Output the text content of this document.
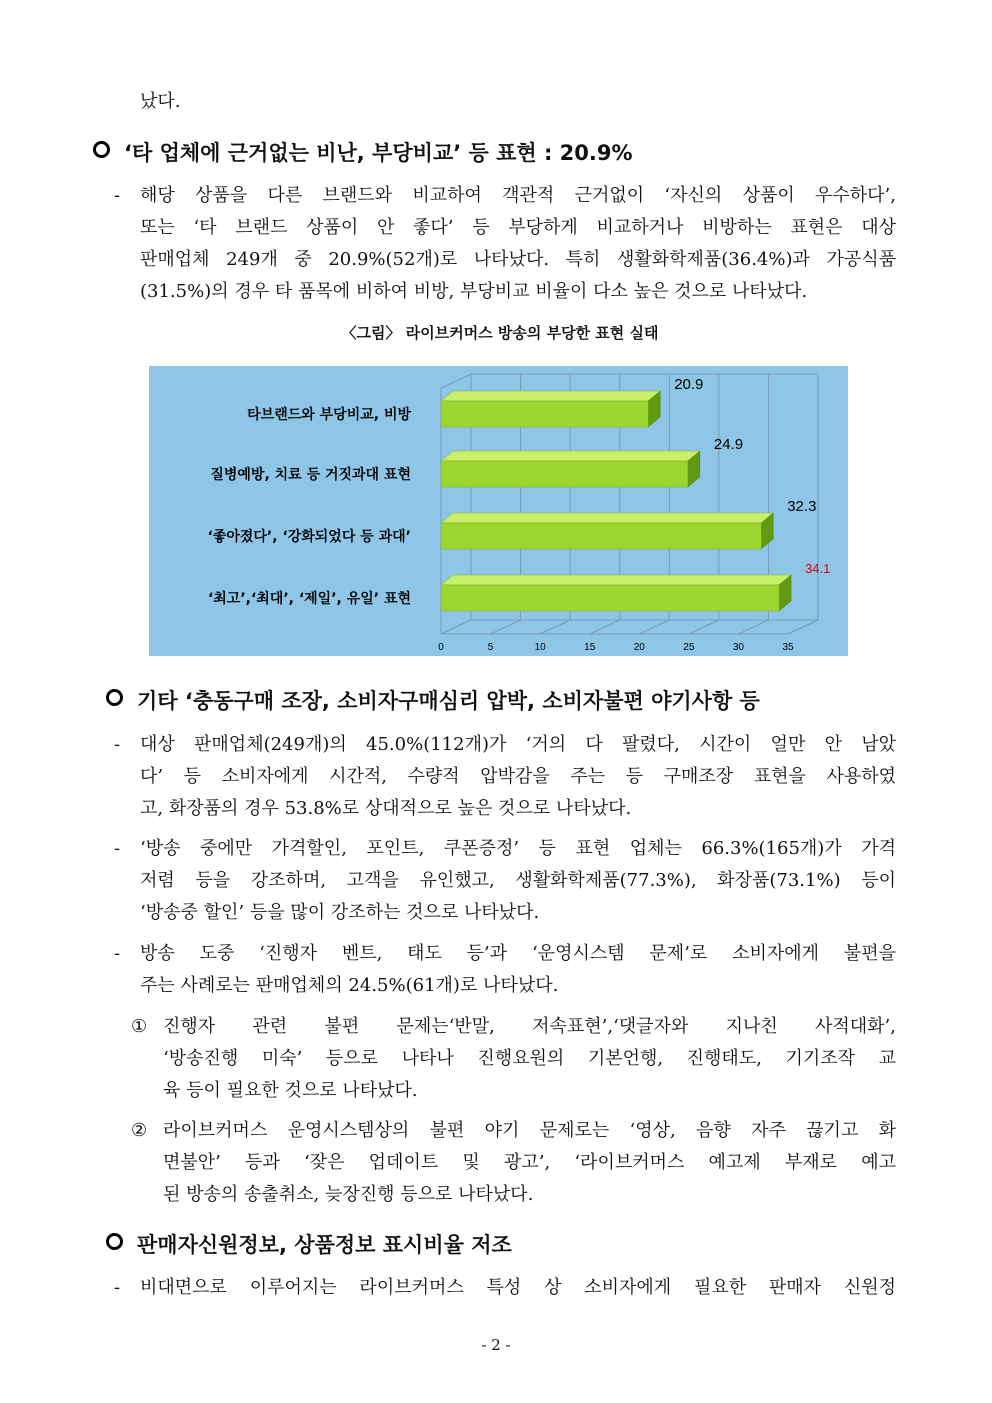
났다.
‘타 업체에 근거없는 비난, 부당비교’ 등 표현 : 20.9%
- 해당 상품을 다른 브랜드와 비교하여 객관적 근거없이 ‘자신의 상품이 우수하다’,
또는 ‘타 브랜드 상품이 안 좋다’ 등 부당하게 비교하거나 비방하는 표현은 대상
판매업체 249개 중 20.9%(52개)로 나타났다. 특히 생활화학제품(36.4%)과 가공식품
(31.5%)의 경우 타 품목에 비하여 비방, 부당비교 비율이 다소 높은 것으로 나타났다.
〈그림〉 라이브커머스 방송의 부당한 표현 실태
0	5	10	15	20	25	30	35
20.9
타브랜드와 부당비교, 비방
24.9
질병예방, 치료 등 거짓과대 표현
32.3
‘좋아졌다’, ‘강화되었다 등 과대’
34.1
‘최고’,‘최대’, ‘제일’, 유일’ 표현
기타 ‘충동구매 조장, 소비자구매심리 압박, 소비자불편 야기사항 등
- 대상 판매업체(249개)의 45.0%(112개)가 ‘거의 다 팔렸다, 시간이 얼만 안 남았
다’ 등 소비자에게 시간적, 수량적 압박감을 주는 등 구매조장 표현을 사용하였
고, 화장품의 경우 53.8%로 상대적으로 높은 것으로 나타났다.
- ‘방송 중에만 가격할인, 포인트, 쿠폰증정’ 등 표현 업체는 66.3%(165개)가 가격
저렴 등을 강조하며, 고객을 유인했고, 생활화학제품(77.3%), 화장품(73.1%) 등이
‘방송중 할인’ 등을 많이 강조하는 것으로 나타났다.
- 방송 도중 ‘진행자 벤트, 태도 등’과 ‘운영시스템 문제’로 소비자에게 불편을
주는 사례로는 판매업체의 24.5%(61개)로 나타났다.
① 진행자 관련 불편 문제는‘반말, 저속표현’,‘댓글자와 지나친 사적대화’,
‘방송진행 미숙’ 등으로 나타나 진행요원의 기본언행, 진행태도, 기기조작 교
육 등이 필요한 것으로 나타났다.
② 라이브커머스 운영시스템상의 불편 야기 문제로는 ‘영상, 음향 자주 끊기고 화
면불안’ 등과 ‘잦은 업데이트 및 광고’, ‘라이브커머스 예고제 부재로 예고
된 방송의 송출취소, 늦장진행 등으로 나타났다.
판매자신원정보, 상품정보 표시비율 저조
- 비대면으로 이루어지는 라이브커머스 특성 상 소비자에게 필요한 판매자 신원정
- 2 -
